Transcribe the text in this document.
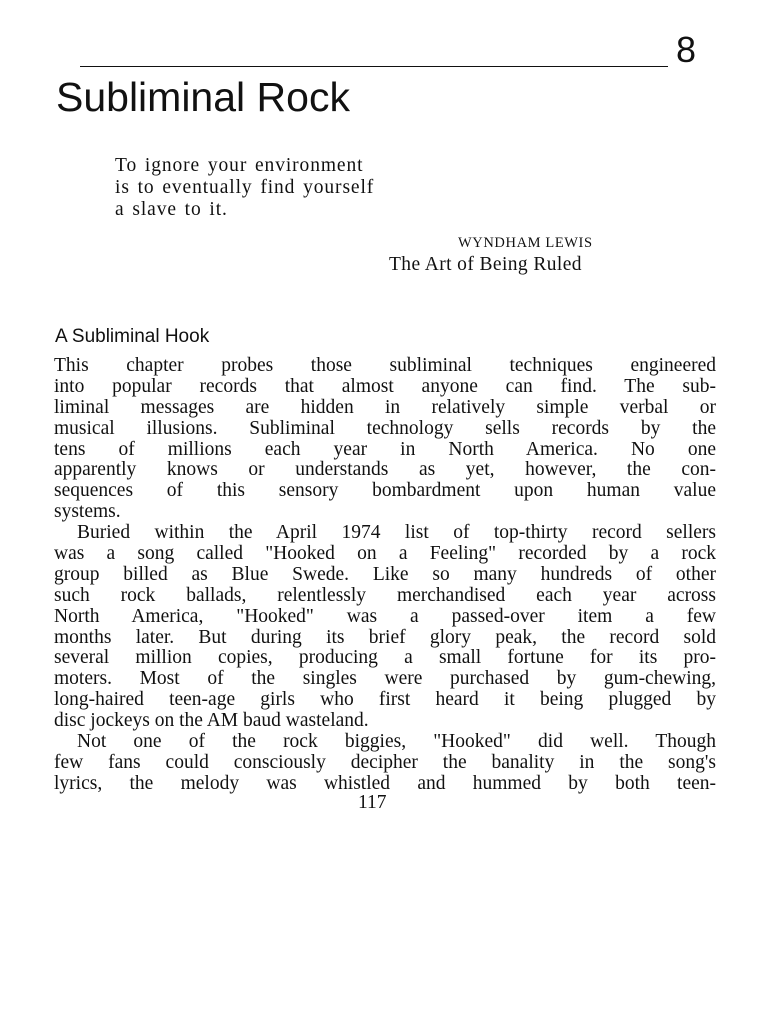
8
Subliminal Rock
To ignore your environment
is to eventually find yourself
a slave to it.
WYNDHAM LEWIS
The Art of Being Ruled
A Subliminal Hook
This chapter probes those subliminal techniques engineered
into popular records that almost anyone can find. The sub-
liminal messages are hidden in relatively simple verbal or
musical illusions. Subliminal technology sells records by the
tens of millions each year in North America. No one
apparently knows or understands as yet, however, the con-
sequences of this sensory bombardment upon human value
systems.
Buried within the April 1974 list of top-thirty record sellers
was a song called "Hooked on a Feeling" recorded by a rock
group billed as Blue Swede. Like so many hundreds of other
such rock ballads, relentlessly merchandised each year across
North America, "Hooked" was a passed-over item a few
months later. But during its brief glory peak, the record sold
several million copies, producing a small fortune for its pro-
moters. Most of the singles were purchased by gum-chewing,
long-haired teen-age girls who first heard it being plugged by
disc jockeys on the AM baud wasteland.
Not one of the rock biggies, "Hooked" did well. Though
few fans could consciously decipher the banality in the song's
lyrics, the melody was whistled and hummed by both teen-
117
